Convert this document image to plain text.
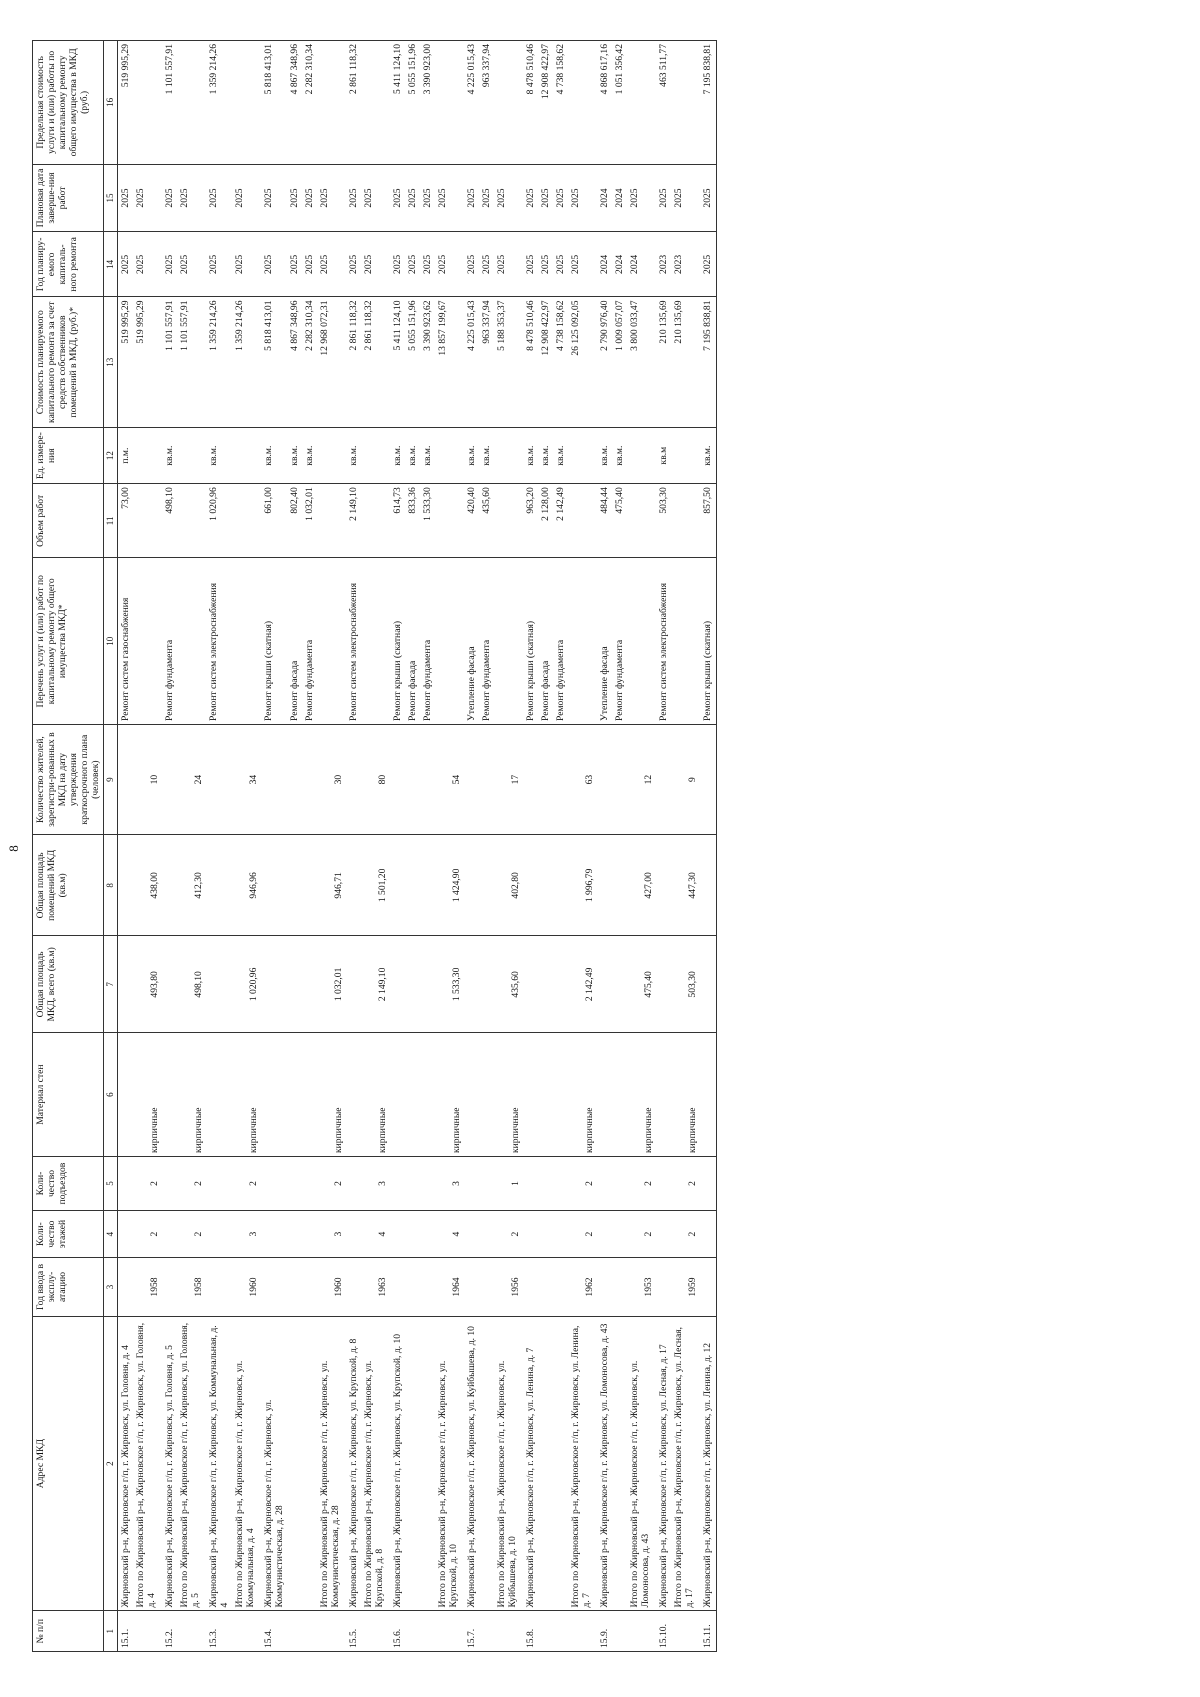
8
№ п/п	Адрес МКД	Год ввода в эксплу-атацию	Коли-чество этажей	Коли-чество подъездов	Материал стен	Общая площадь МКД, всего (кв.м)	Общая площадь помещений МКД (кв.м)	Количество жителей, зарегистри-рованных в МКД на дату утверждения краткосрочного плана (человек)	Перечень услуг и (или) работ по капитальному ремонту общего имущества МКД*	Объем работ	Ед. измере-ния	Стоимость планируемого капитального ремонта за счет средств собственников помещений в МКД, (руб.)*	Год планиру-емого капиталь-ного ремонта	Плановая дата заверше-ния работ	Предельная стоимость услуги и (или) работы по капитальному ремонту общего имущества в МКД (руб.)
1	2	3	4	5	6	7	8	9	10	11	12	13	14	15	16
15.1.	Жирновский р-н, Жирновское г/п, г. Жирновск, ул. Головня, д. 4								Ремонт систем газоснабжения	73,00	п.м.	519 995,29	2025	2025	519 995,29
	Итого по Жирновский р-н, Жирновское г/п, г. Жирновск, ул. Головня, д. 4	1958	2	2	кирпичные	493,80	438,00	10				519 995,29	2025	2025	
15.2.	Жирновский р-н, Жирновское г/п, г. Жирновск, ул. Головня, д. 5								Ремонт фундамента	498,10	кв.м.	1 101 557,91	2025	2025	1 101 557,91
	Итого по Жирновский р-н, Жирновское г/п, г. Жирновск, ул. Головня, д. 5	1958	2	2	кирпичные	498,10	412,30	24				1 101 557,91	2025	2025	
15.3.	Жирновский р-н, Жирновское г/п, г. Жирновск, ул. Коммунальная, д. 4								Ремонт систем электроснабжения	1 020,96	кв.м.	1 359 214,26	2025	2025	1 359 214,26
	Итого по Жирновский р-н, Жирновское г/п, г. Жирновск, ул. Коммунальная, д. 4	1960	3	2	кирпичные	1 020,96	946,96	34				1 359 214,26	2025	2025	
15.4.	Жирновский р-н, Жирновское г/п, г. Жирновск, ул. Коммунистическая, д. 28								Ремонт крыши (скатная)	661,00	кв.м.	5 818 413,01	2025	2025	5 818 413,01
									Ремонт фасада	802,40	кв.м.	4 867 348,96	2025	2025	4 867 348,96
									Ремонт фундамента	1 032,01	кв.м.	2 282 310,34	2025	2025	2 282 310,34
	Итого по Жирновский р-н, Жирновское г/п, г. Жирновск, ул. Коммунистическая, д. 28	1960	3	2	кирпичные	1 032,01	946,71	30				12 968 072,31	2025	2025	
15.5.	Жирновский р-н, Жирновское г/п, г. Жирновск, ул. Крупской, д. 8								Ремонт систем электроснабжения	2 149,10	кв.м.	2 861 118,32	2025	2025	2 861 118,32
	Итого по Жирновский р-н, Жирновское г/п, г. Жирновск, ул. Крупской, д. 8	1963	4	3	кирпичные	2 149,10	1 501,20	80				2 861 118,32	2025	2025	
15.6.	Жирновский р-н, Жирновское г/п, г. Жирновск, ул. Крупской, д. 10								Ремонт крыши (скатная)	614,73	кв.м.	5 411 124,10	2025	2025	5 411 124,10
									Ремонт фасада	833,36	кв.м.	5 055 151,96	2025	2025	5 055 151,96
									Ремонт фундамента	1 533,30	кв.м.	3 390 923,62	2025	2025	3 390 923,00
	Итого по Жирновский р-н, Жирновское г/п, г. Жирновск, ул. Крупской, д. 10	1964	4	3	кирпичные	1 533,30	1 424,90	54				13 857 199,67	2025	2025	
15.7.	Жирновский р-н, Жирновское г/п, г. Жирновск, ул. Куйбышева, д. 10								Утепление фасада	420,40	кв.м.	4 225 015,43	2025	2025	4 225 015,43
									Ремонт фундамента	435,60	кв.м.	963 337,94	2025	2025	963 337,94
	Итого по Жирновский р-н, Жирновское г/п, г. Жирновск, ул. Куйбышева, д. 10	1956	2	1	кирпичные	435,60	402,80	17				5 188 353,37	2025	2025	
15.8.	Жирновский р-н, Жирновское г/п, г. Жирновск, ул. Ленина, д. 7								Ремонт крыши (скатная)	963,20	кв.м.	8 478 510,46	2025	2025	8 478 510,46
									Ремонт фасада	2 128,00	кв.м.	12 908 422,97	2025	2025	12 908 422,97
									Ремонт фундамента	2 142,49	кв.м.	4 738 158,62	2025	2025	4 738 158,62
	Итого по Жирновский р-н, Жирновское г/п, г. Жирновск, ул. Ленина, д. 7	1962	2	2	кирпичные	2 142,49	1 996,79	63				26 125 092,05	2025	2025	
15.9.	Жирновский р-н, Жирновское г/п, г. Жирновск, ул. Ломоносова, д. 43								Утепление фасада	484,44	кв.м.	2 790 976,40	2024	2024	4 868 617,16
									Ремонт фундамента	475,40	кв.м.	1 009 057,07	2024	2024	1 051 356,42
	Итого по Жирновский р-н, Жирновское г/п, г. Жирновск, ул. Ломоносова, д. 43	1953	2	2	кирпичные	475,40	427,00	12				3 800 033,47	2024	2025	
15.10.	Жирновский р-н, Жирновское г/п, г. Жирновск, ул. Лесная, д. 17								Ремонт систем электроснабжения	503,30	кв.м	210 135,69	2023	2025	463 511,77
	Итого по Жирновский р-н, Жирновское г/п, г. Жирновск, ул. Лесная, д. 17	1959	2	2	кирпичные	503,30	447,30	9				210 135,69	2023	2025	
15.11.	Жирновский р-н, Жирновское г/п, г. Жирновск, ул. Ленина, д. 12								Ремонт крыши (скатная)	857,50	кв.м.	7 195 838,81	2025	2025	7 195 838,81
